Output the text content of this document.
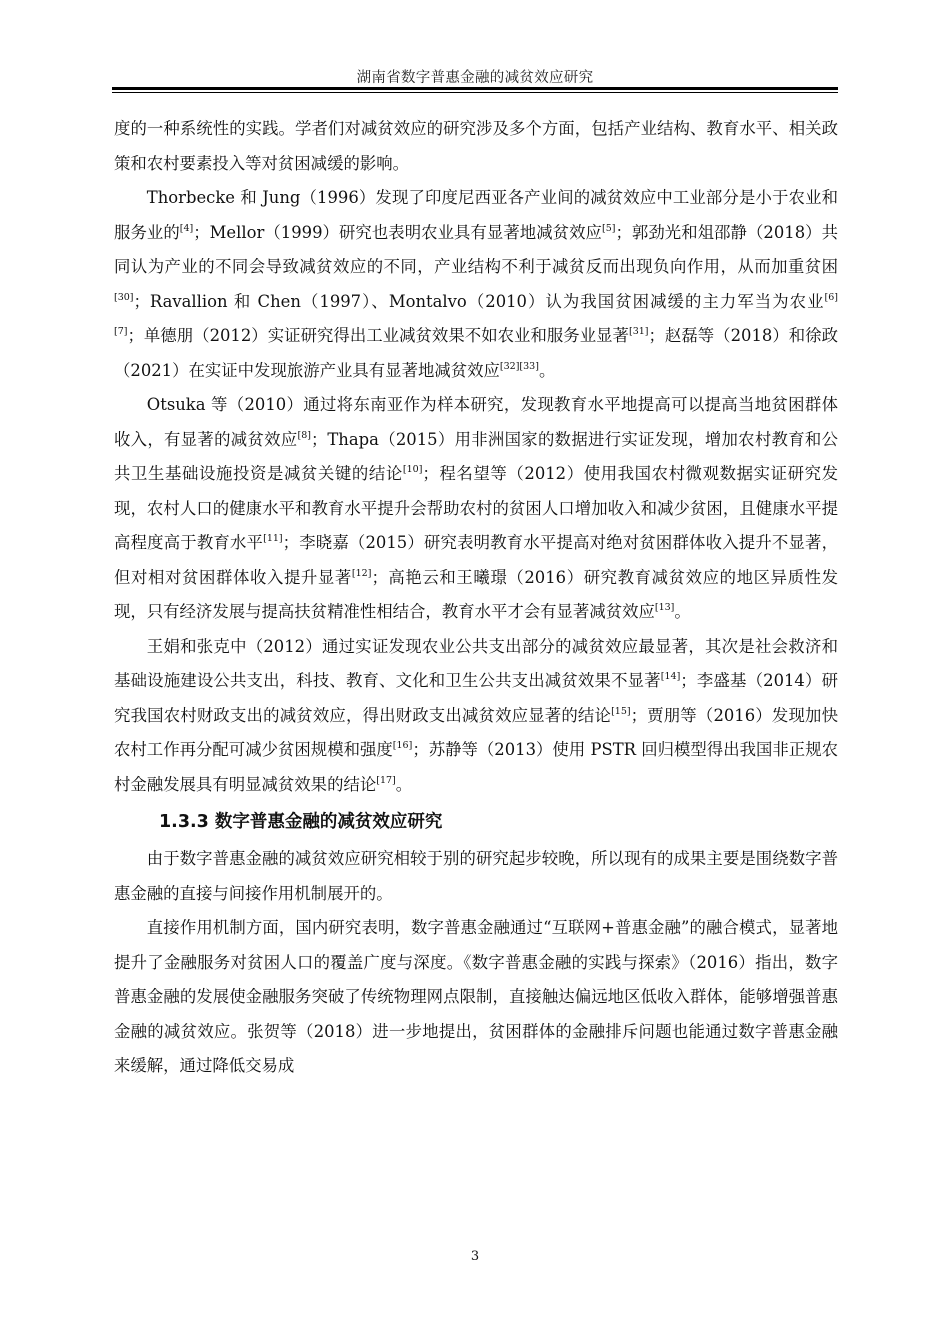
湖南省数字普惠金融的减贫效应研究

度的一种系统性的实践。学者们对减贫效应的研究涉及多个方面，包括产业结构、教育水平、相关政策和农村要素投入等对贫困减缓的影响。

Thorbecke 和 Jung（1996）发现了印度尼西亚各产业间的减贫效应中工业部分是小于农业和服务业的[4]；Mellor（1999）研究也表明农业具有显著地减贫效应[5]；郭劲光和俎邵静（2018）共同认为产业的不同会导致减贫效应的不同，产业结构不利于减贫反而出现负向作用，从而加重贫困[30]；Ravallion 和 Chen（1997）、Montalvo（2010）认为我国贫困减缓的主力军当为农业[6][7]；单德朋（2012）实证研究得出工业减贫效果不如农业和服务业显著[31]；赵磊等（2018）和徐政（2021）在实证中发现旅游产业具有显著地减贫效应[32][33]。

Otsuka 等（2010）通过将东南亚作为样本研究，发现教育水平地提高可以提高当地贫困群体收入，有显著的减贫效应[8]；Thapa（2015）用非洲国家的数据进行实证发现，增加农村教育和公共卫生基础设施投资是减贫关键的结论[10]；程名望等（2012）使用我国农村微观数据实证研究发现，农村人口的健康水平和教育水平提升会帮助农村的贫困人口增加收入和减少贫困，且健康水平提高程度高于教育水平[11]；李晓嘉（2015）研究表明教育水平提高对绝对贫困群体收入提升不显著，但对相对贫困群体收入提升显著[12]；高艳云和王曦璟（2016）研究教育减贫效应的地区异质性发现，只有经济发展与提高扶贫精准性相结合，教育水平才会有显著减贫效应[13]。

王娟和张克中（2012）通过实证发现农业公共支出部分的减贫效应最显著，其次是社会救济和基础设施建设公共支出，科技、教育、文化和卫生公共支出减贫效果不显著[14]；李盛基（2014）研究我国农村财政支出的减贫效应，得出财政支出减贫效应显著的结论[15]；贾朋等（2016）发现加快农村工作再分配可减少贫困规模和强度[16]；苏静等（2013）使用 PSTR 回归模型得出我国非正规农村金融发展具有明显减贫效果的结论[17]。

1.3.3 数字普惠金融的减贫效应研究

由于数字普惠金融的减贫效应研究相较于别的研究起步较晚，所以现有的成果主要是围绕数字普惠金融的直接与间接作用机制展开的。

直接作用机制方面，国内研究表明，数字普惠金融通过“互联网+普惠金融”的融合模式，显著地提升了金融服务对贫困人口的覆盖广度与深度。《数字普惠金融的实践与探索》（2016）指出，数字普惠金融的发展使金融服务突破了传统物理网点限制，直接触达偏远地区低收入群体，能够增强普惠金融的减贫效应。张贺等（2018）进一步地提出，贫困群体的金融排斥问题也能通过数字普惠金融来缓解，通过降低交易成

3
